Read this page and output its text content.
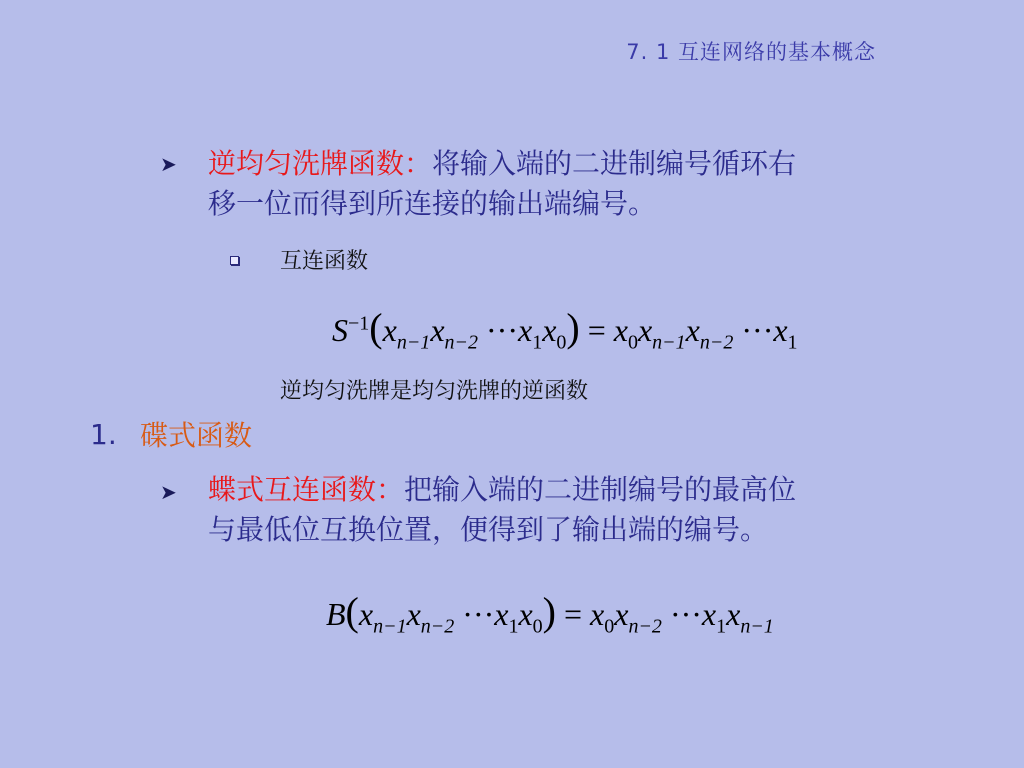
7. 1 互连网络的基本概念
➤ 逆均匀洗牌函数：将输入端的二进制编号循环右
移一位而得到所连接的输出端编号。
互连函数
$S^{-1}(x_{n-1}x_{n-2} \cdot\cdot\cdot x_1x_0) = x_0x_{n-1}x_{n-2} \cdot\cdot\cdot x_1$
逆均匀洗牌是均匀洗牌的逆函数
1. 碟式函数
➤ 蝶式互连函数：把输入端的二进制编号的最高位
与最低位互换位置，便得到了输出端的编号。
$B(x_{n-1}x_{n-2} \cdot\cdot\cdot x_1x_0) = x_0x_{n-2} \cdot\cdot\cdot x_1x_{n-1}$
